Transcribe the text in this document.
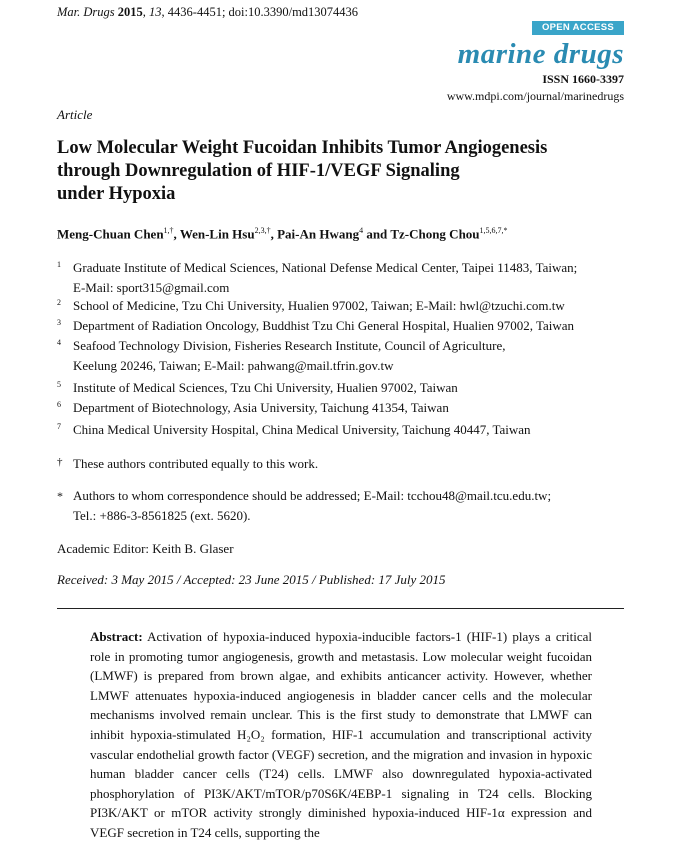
Mar. Drugs 2015, 13, 4436-4451; doi:10.3390/md13074436
OPEN ACCESS
marine drugs
ISSN 1660-3397
www.mdpi.com/journal/marinedrugs
Article
Low Molecular Weight Fucoidan Inhibits Tumor Angiogenesis
through Downregulation of HIF-1/VEGF Signaling
under Hypoxia
Meng-Chuan Chen$^{1,\dagger}$, Wen-Lin Hsu$^{2,3,\dagger}$, Pai-An Hwang$^4$ and Tz-Chong Chou$^{1,5,6,7,*}$
1 Graduate Institute of Medical Sciences, National Defense Medical Center, Taipei 11483, Taiwan;
E-Mail: sport315@gmail.com
2 School of Medicine, Tzu Chi University, Hualien 97002, Taiwan; E-Mail: hwl@tzuchi.com.tw
3 Department of Radiation Oncology, Buddhist Tzu Chi General Hospital, Hualien 97002, Taiwan
4 Seafood Technology Division, Fisheries Research Institute, Council of Agriculture,
Keelung 20246, Taiwan; E-Mail: pahwang@mail.tfrin.gov.tw
5 Institute of Medical Sciences, Tzu Chi University, Hualien 97002, Taiwan
6 Department of Biotechnology, Asia University, Taichung 41354, Taiwan
7 China Medical University Hospital, China Medical University, Taichung 40447, Taiwan
† These authors contributed equally to this work.
* Authors to whom correspondence should be addressed; E-Mail: tcchou48@mail.tcu.edu.tw;
Tel.: +886-3-8561825 (ext. 5620).
Academic Editor: Keith B. Glaser
Received: 3 May 2015 / Accepted: 23 June 2015 / Published: 17 July 2015
Abstract: Activation of hypoxia-induced hypoxia-inducible factors-1 (HIF-1) plays a critical role in promoting tumor angiogenesis, growth and metastasis. Low molecular weight fucoidan (LMWF) is prepared from brown algae, and exhibits anticancer activity. However, whether LMWF attenuates hypoxia-induced angiogenesis in bladder cancer cells and the molecular mechanisms involved remain unclear. This is the first study to demonstrate that LMWF can inhibit hypoxia-stimulated H₂O₂ formation, HIF-1 accumulation and transcriptional activity vascular endothelial growth factor (VEGF) secretion, and the migration and invasion in hypoxic human bladder cancer cells (T24) cells. LMWF also downregulated hypoxia-activated phosphorylation of PI3K/AKT/mTOR/p70S6K/4EBP-1 signaling in T24 cells. Blocking PI3K/AKT or mTOR activity strongly diminished hypoxia-induced HIF-1α expression and VEGF secretion in T24 cells, supporting the
